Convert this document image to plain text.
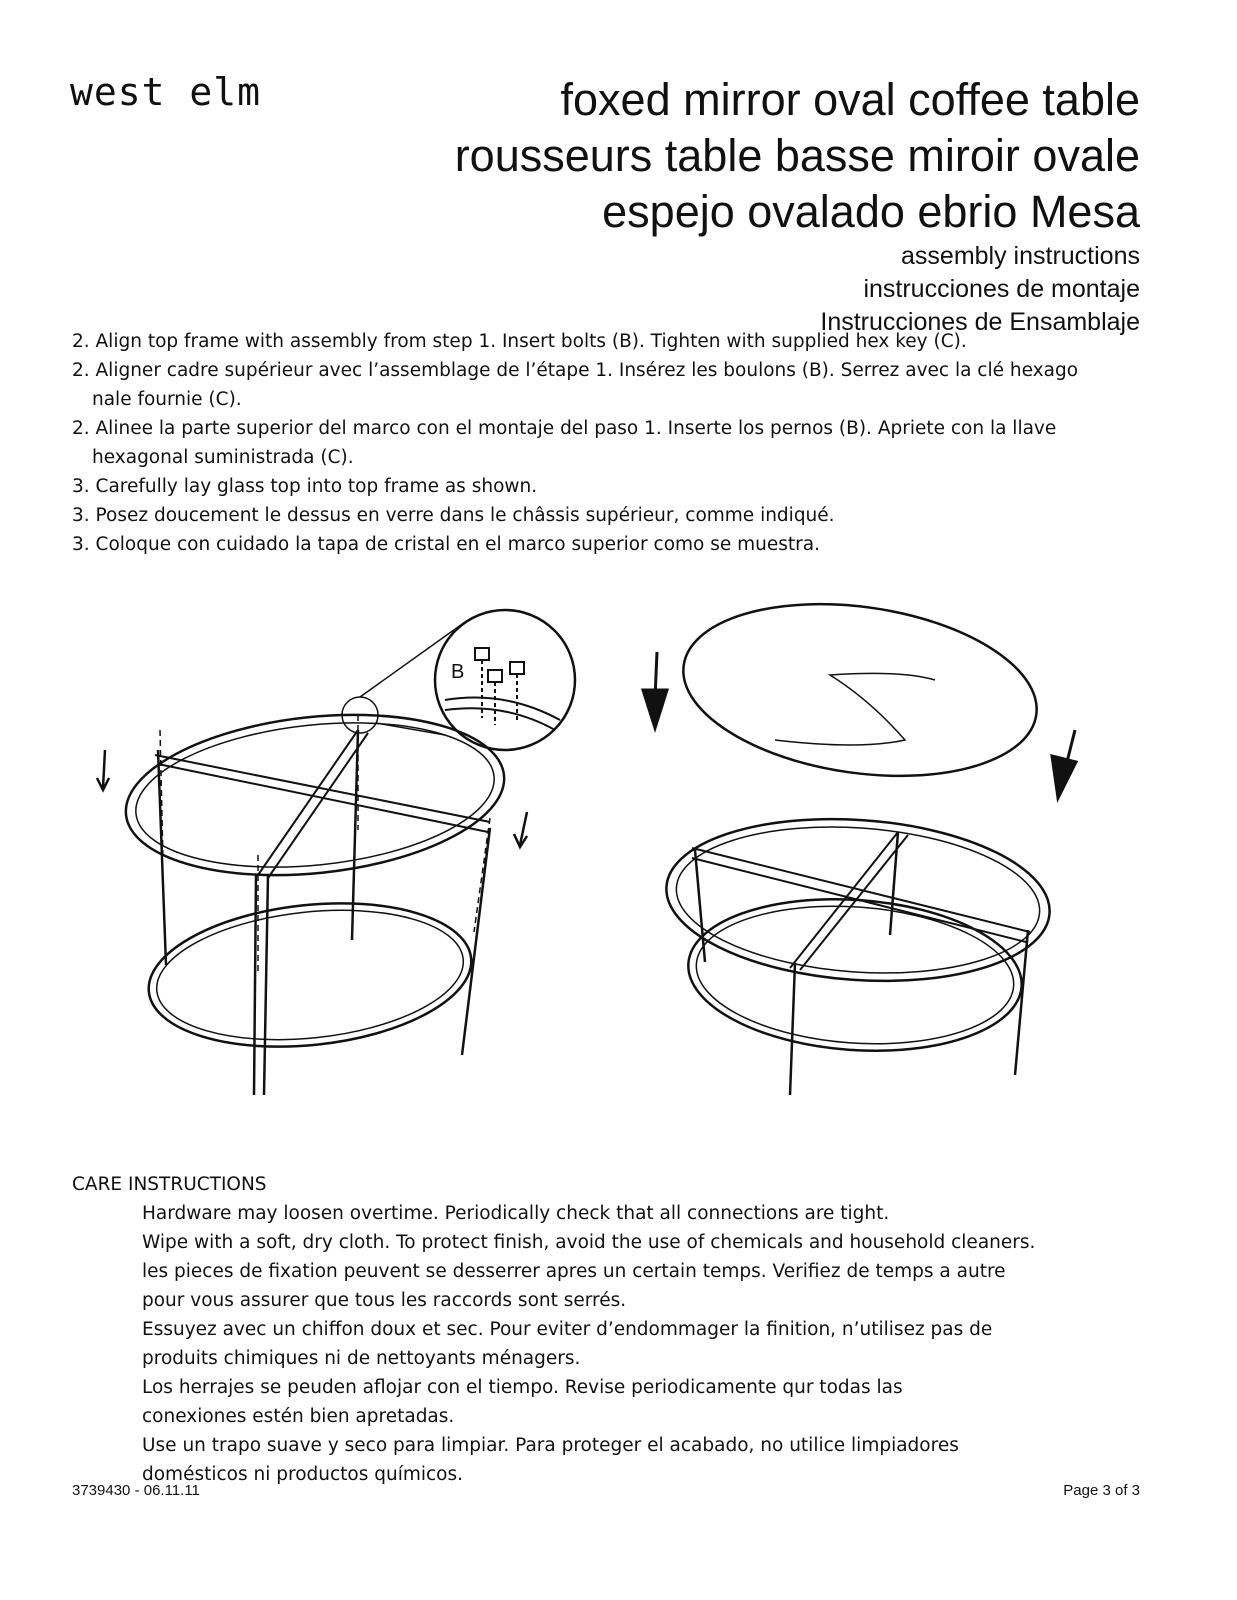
west elm	foxed mirror oval coffee table
rousseurs table basse miroir ovale
espejo ovalado ebrio Mesa
assembly instructions
instrucciones de montaje
Instrucciones de Ensamblaje
2. Align top frame with assembly from step 1. Insert bolts (B). Tighten with supplied hex key (C).
2. Aligner cadre supérieur avec l’assemblage de l’étape 1. Insérez les boulons (B). Serrez avec la clé hexago
nale fournie (C).
2. Alinee la parte superior del marco con el montaje del paso 1. Inserte los pernos (B). Apriete con la llave
hexagonal suministrada (C).
3. Carefully lay glass top into top frame as shown.
3. Posez doucement le dessus en verre dans le châssis supérieur, comme indiqué.
3. Coloque con cuidado la tapa de cristal en el marco superior como se muestra.
B
CARE INSTRUCTIONS
Hardware may loosen overtime. Periodically check that all connections are tight.
Wipe with a soft, dry cloth. To protect finish, avoid the use of chemicals and household cleaners.
les pieces de fixation peuvent se desserrer apres un certain temps. Verifiez de temps a autre
pour vous assurer que tous les raccords sont serrés.
Essuyez avec un chiffon doux et sec. Pour eviter d’endommager la finition, n’utilisez pas de
produits chimiques ni de nettoyants ménagers.
Los herrajes se peuden aflojar con el tiempo. Revise periodicamente qur todas las
conexiones estén bien apretadas.
Use un trapo suave y seco para limpiar. Para proteger el acabado, no utilice limpiadores
domésticos ni productos químicos.
3739430 - 06.11.11	Page 3 of 3
